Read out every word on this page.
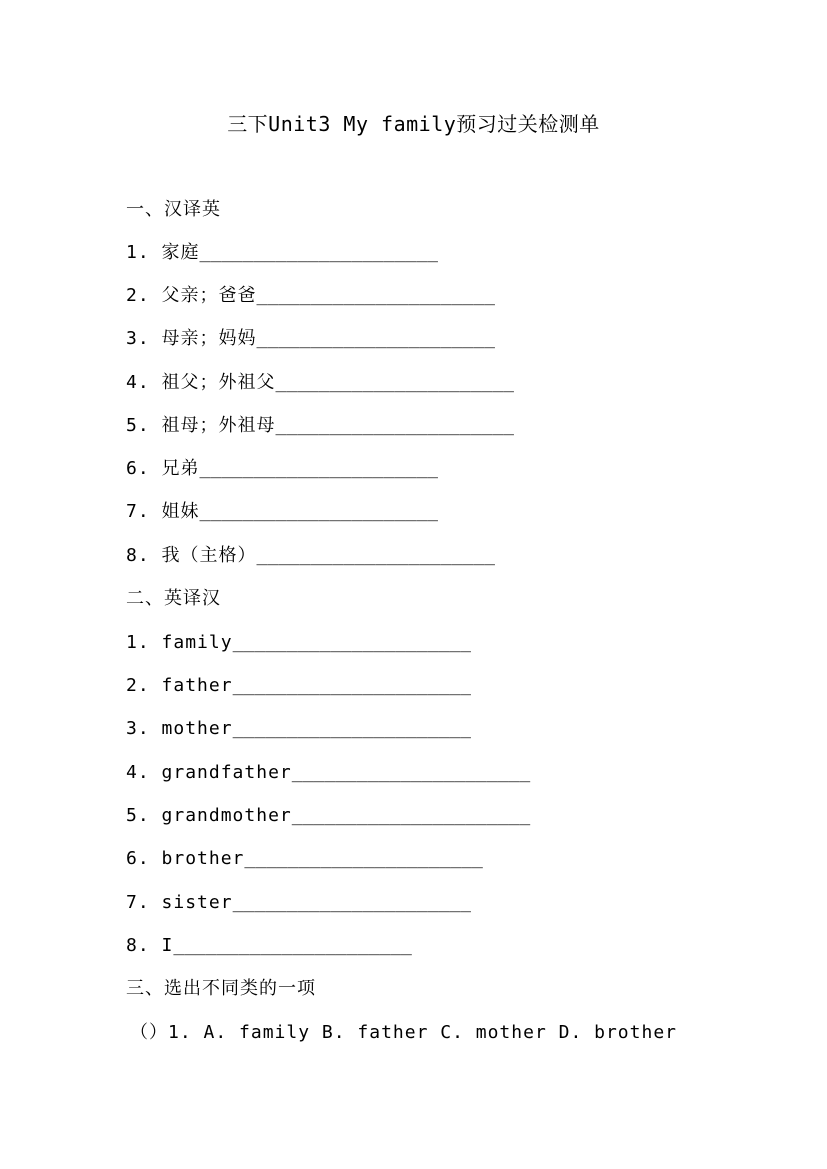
三下Unit3 My family预习过关检测单
一、汉译英
1. 家庭______________________
2. 父亲；爸爸______________________
3. 母亲；妈妈______________________
4. 祖父；外祖父______________________
5. 祖母；外祖母______________________
6. 兄弟______________________
7. 姐妹______________________
8. 我（主格）______________________
二、英译汉
1. family______________________
2. father______________________
3. mother______________________
4. grandfather______________________
5. grandmother______________________
6. brother______________________
7. sister______________________
8. I______________________
三、选出不同类的一项
（）1. A. family B. father C. mother D. brother
